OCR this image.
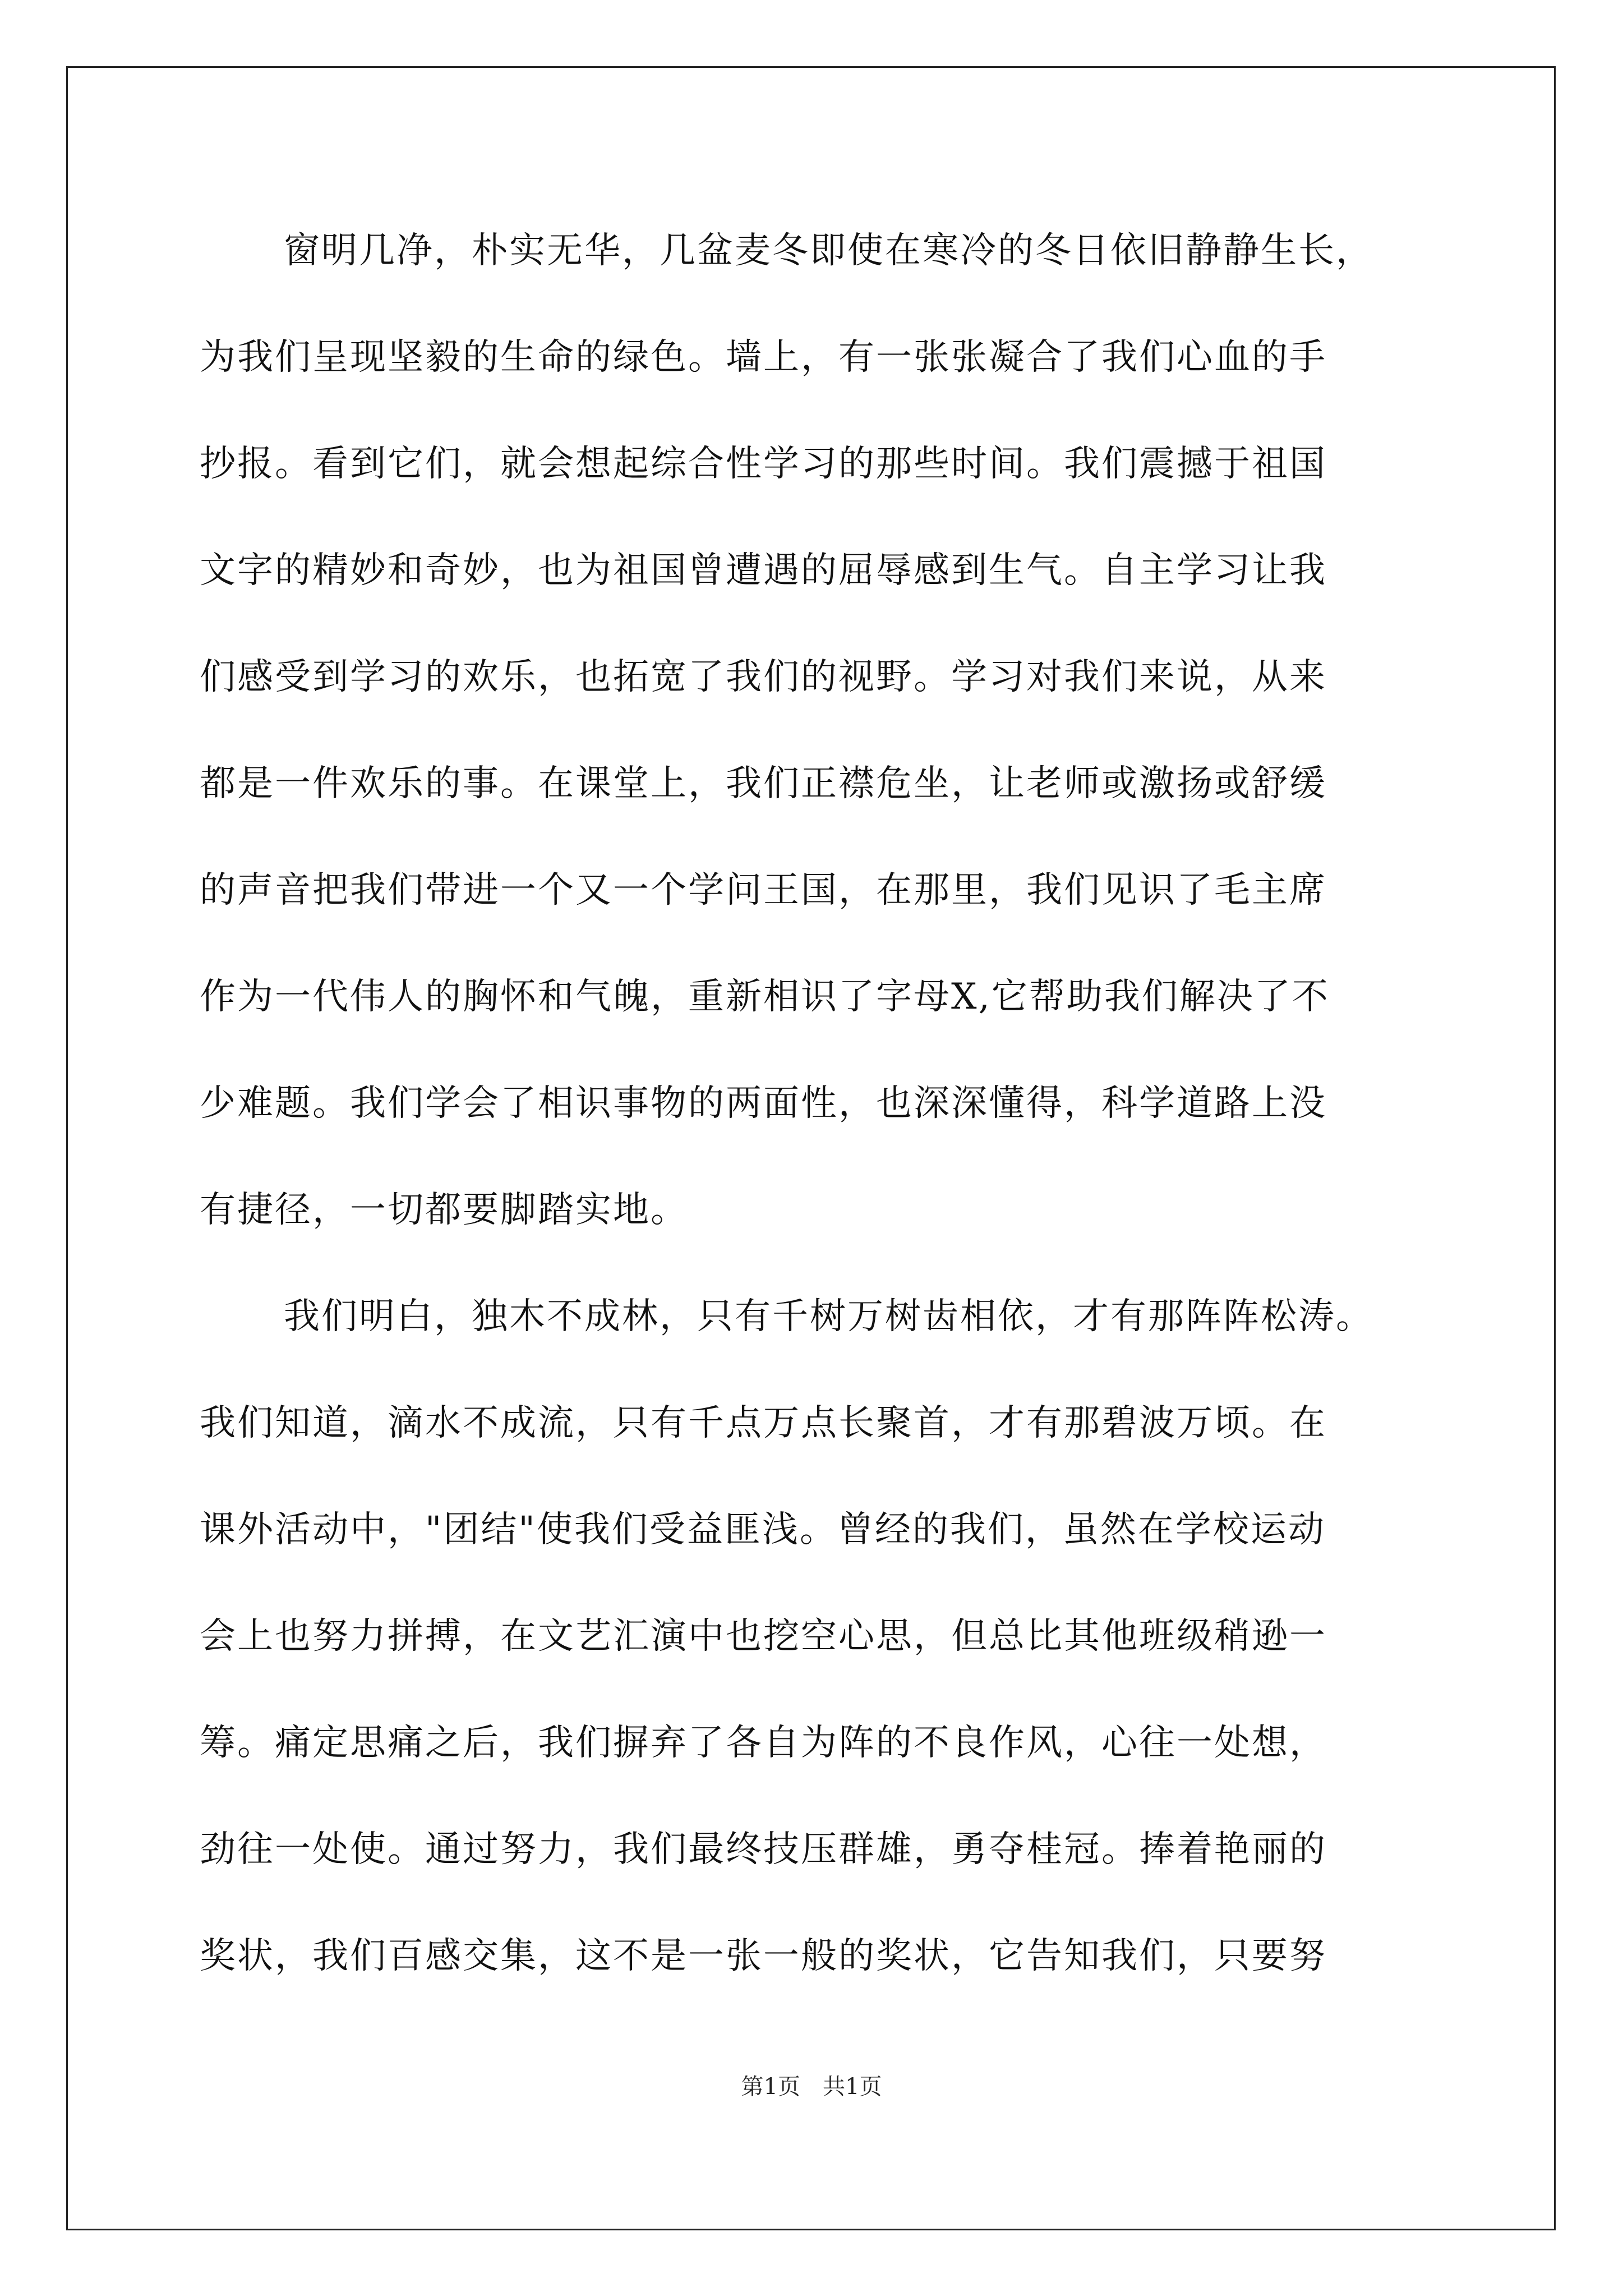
窗明几净，朴实无华，几盆麦冬即使在寒冷的冬日依旧静静生长，
为我们呈现坚毅的生命的绿色。墙上，有一张张凝合了我们心血的手
抄报。看到它们，就会想起综合性学习的那些时间。我们震撼于祖国
文字的精妙和奇妙，也为祖国曾遭遇的屈辱感到生气。自主学习让我
们感受到学习的欢乐，也拓宽了我们的视野。学习对我们来说，从来
都是一件欢乐的事。在课堂上，我们正襟危坐，让老师或激扬或舒缓
的声音把我们带进一个又一个学问王国，在那里，我们见识了毛主席
作为一代伟人的胸怀和气魄，重新相识了字母X,它帮助我们解决了不
少难题。我们学会了相识事物的两面性，也深深懂得，科学道路上没
有捷径，一切都要脚踏实地。

我们明白，独木不成林，只有千树万树齿相依，才有那阵阵松涛。
我们知道，滴水不成流，只有千点万点长聚首，才有那碧波万顷。在
课外活动中，"团结"使我们受益匪浅。曾经的我们，虽然在学校运动
会上也努力拼搏，在文艺汇演中也挖空心思，但总比其他班级稍逊一
筹。痛定思痛之后，我们摒弃了各自为阵的不良作风，心往一处想，
劲往一处使。通过努力，我们最终技压群雄，勇夺桂冠。捧着艳丽的
奖状，我们百感交集，这不是一张一般的奖状，它告知我们，只要努

第1页　共1页
